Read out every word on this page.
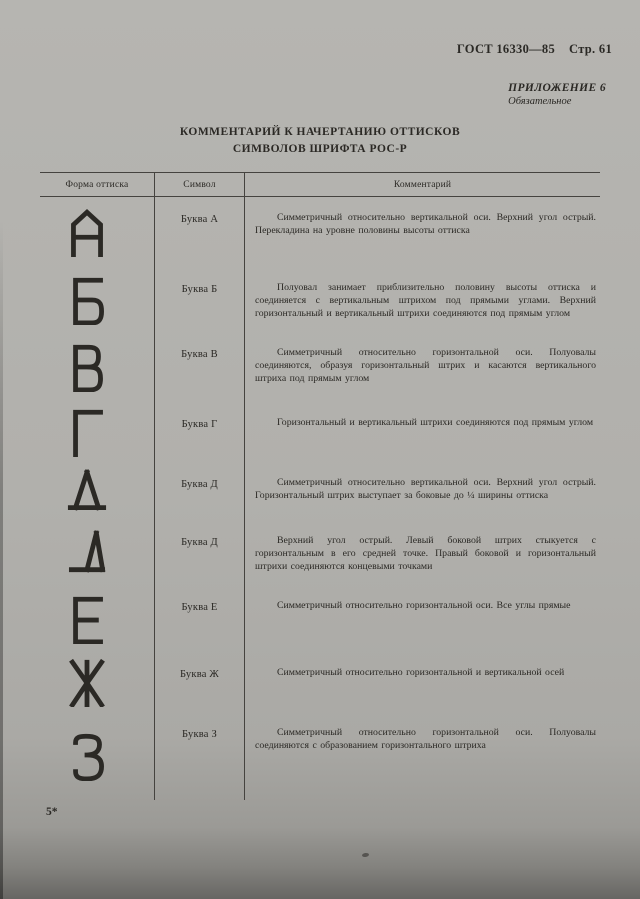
ГОСТ 16330—85 Стр. 61
ПРИЛОЖЕНИЕ 6
Обязательное
КОММЕНТАРИЙ К НАЧЕРТАНИЮ ОТТИСКОВ
СИМВОЛОВ ШРИФТА РОС-Р
Форма оттиска	Символ	Комментарий
Буква А	Симметричный относительно вертикальной оси. Верхний угол острый. Перекладина на уровне половины высоты оттиска
Буква Б	Полуовал занимает приблизительно половину высоты оттиска и соединяется с вертикальным штрихом под прямыми углами. Верхний горизонтальный и вертикальный штрихи соединяются под прямым углом
Буква В	Симметричный относительно горизонтальной оси. Полуовалы соединяются, образуя горизонтальный штрих и касаются вертикального штриха под прямым углом
Буква Г	Горизонтальный и вертикальный штрихи соединяются под прямым углом
Буква Д	Симметричный относительно вертикальной оси. Верхний угол острый. Горизонтальный штрих выступает за боковые до ¼ ширины оттиска
Буква Д	Верхний угол острый. Левый боковой штрих стыкуется с горизонтальным в его средней точке. Правый боковой и горизонтальный штрихи соединяются концевыми точками
Буква Е	Симметричный относительно горизонтальной оси. Все углы прямые
Буква Ж	Симметричный относительно горизонтальной и вертикальной осей
Буква З	Симметричный относительно горизонтальной оси. Полуовалы соединяются с образованием горизонтального штриха
5*
